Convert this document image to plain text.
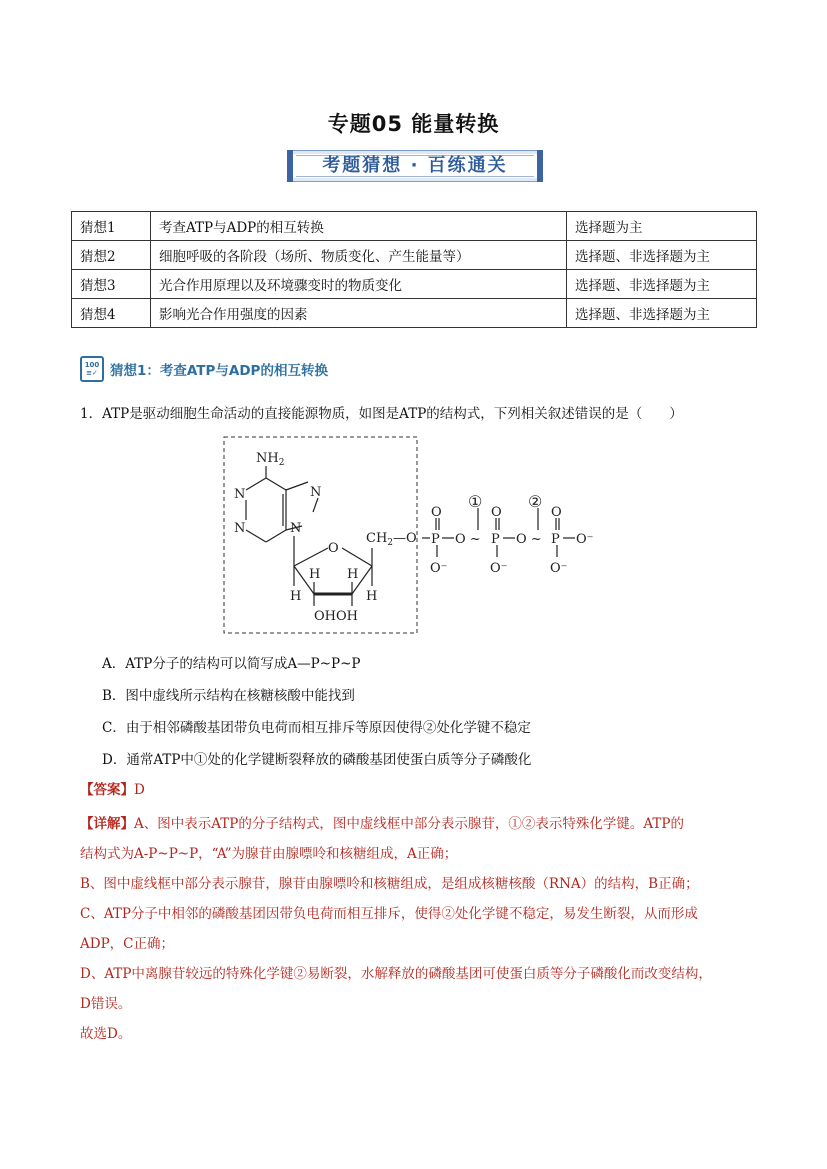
专题05 能量转换
考题猜想 · 百练通关
猜想1	考查ATP与ADP的相互转换	选择题为主
猜想2	细胞呼吸的各阶段（场所、物质变化、产生能量等）	选择题、非选择题为主
猜想3	光合作用原理以及环境骤变时的物质变化	选择题、非选择题为主
猜想4	影响光合作用强度的因素	选择题、非选择题为主
100
≡✓ 猜想1：考查ATP与ADP的相互转换
1．ATP是驱动细胞生命活动的直接能源物质，如图是ATP的结构式，下列相关叙述错误的是（　　）
$NH_2$
N
N
N
N
O
H
H H
H
OHOH
$CH_2—O$ P	P	P
O	O	O
O ~	O ~	O⁻
O⁻	O⁻	O⁻
①	②
A．ATP分子的结构可以简写成A—P~P~P
B．图中虚线所示结构在核糖核酸中能找到
C．由于相邻磷酸基团带负电荷而相互排斥等原因使得②处化学键不稳定
D．通常ATP中①处的化学键断裂释放的磷酸基团使蛋白质等分子磷酸化
【答案】D
【详解】A、图中表示ATP的分子结构式，图中虚线框中部分表示腺苷，①②表示特殊化学键。ATP的
结构式为A-P~P~P，“A”为腺苷由腺嘌呤和核糖组成，A正确；
B、图中虚线框中部分表示腺苷，腺苷由腺嘌呤和核糖组成，是组成核糖核酸（RNA）的结构，B正确；
C、ATP分子中相邻的磷酸基团因带负电荷而相互排斥，使得②处化学键不稳定，易发生断裂，从而形成
ADP，C正确；
D、ATP中离腺苷较远的特殊化学键②易断裂，水解释放的磷酸基团可使蛋白质等分子磷酸化而改变结构，
D错误。
故选D。
